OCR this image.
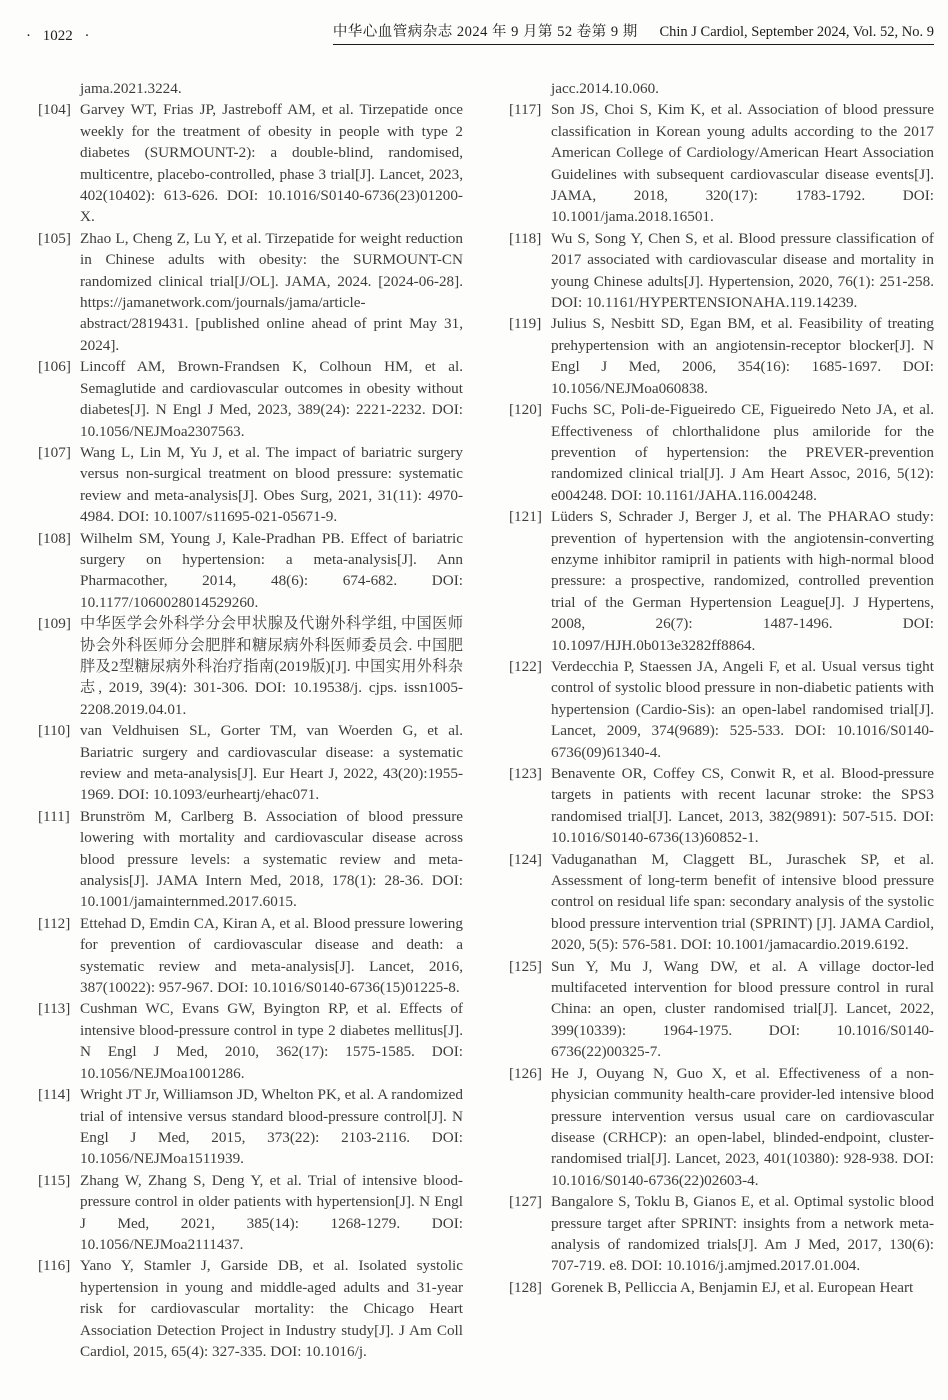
· 1022 ·	中华心血管病杂志 2024 年 9 月第 52 卷第 9 期 Chin J Cardiol, September 2024, Vol. 52, No. 9
jama.2021.3224.
[104] Garvey WT, Frias JP, Jastreboff AM, et al. Tirzepatide once weekly for the treatment of obesity in people with type 2 diabetes (SURMOUNT-2): a double-blind, randomised, multicentre, placebo-controlled, phase 3 trial[J]. Lancet, 2023, 402(10402): 613-626. DOI: 10.1016/S0140-6736(23)01200-X.
[105] Zhao L, Cheng Z, Lu Y, et al. Tirzepatide for weight reduction in Chinese adults with obesity: the SURMOUNT-CN randomized clinical trial[J/OL]. JAMA, 2024. [2024-06-28]. https://jamanetwork.com/journals/jama/article-abstract/2819431. [published online ahead of print May 31, 2024].
[106] Lincoff AM, Brown-Frandsen K, Colhoun HM, et al. Semaglutide and cardiovascular outcomes in obesity without diabetes[J]. N Engl J Med, 2023, 389(24): 2221-2232. DOI: 10.1056/NEJMoa2307563.
[107] Wang L, Lin M, Yu J, et al. The impact of bariatric surgery versus non-surgical treatment on blood pressure: systematic review and meta-analysis[J]. Obes Surg, 2021, 31(11): 4970-4984. DOI: 10.1007/s11695-021-05671-9.
[108] Wilhelm SM, Young J, Kale-Pradhan PB. Effect of bariatric surgery on hypertension: a meta-analysis[J]. Ann Pharmacother, 2014, 48(6): 674-682. DOI: 10.1177/1060028014529260.
[109] 中华医学会外科学分会甲状腺及代谢外科学组, 中国医师协会外科医师分会肥胖和糖尿病外科医师委员会. 中国肥胖及2型糖尿病外科治疗指南(2019版)[J]. 中国实用外科杂志, 2019, 39(4): 301-306. DOI: 10.19538/j. cjps. issn1005-2208.2019.04.01.
[110] van Veldhuisen SL, Gorter TM, van Woerden G, et al. Bariatric surgery and cardiovascular disease: a systematic review and meta-analysis[J]. Eur Heart J, 2022, 43(20):1955-1969. DOI: 10.1093/eurheartj/ehac071.
[111] Brunström M, Carlberg B. Association of blood pressure lowering with mortality and cardiovascular disease across blood pressure levels: a systematic review and meta-analysis[J]. JAMA Intern Med, 2018, 178(1): 28-36. DOI: 10.1001/jamainternmed.2017.6015.
[112] Ettehad D, Emdin CA, Kiran A, et al. Blood pressure lowering for prevention of cardiovascular disease and death: a systematic review and meta-analysis[J]. Lancet, 2016, 387(10022): 957-967. DOI: 10.1016/S0140-6736(15)01225-8.
[113] Cushman WC, Evans GW, Byington RP, et al. Effects of intensive blood-pressure control in type 2 diabetes mellitus[J]. N Engl J Med, 2010, 362(17): 1575-1585. DOI: 10.1056/NEJMoa1001286.
[114] Wright JT Jr, Williamson JD, Whelton PK, et al. A randomized trial of intensive versus standard blood-pressure control[J]. N Engl J Med, 2015, 373(22): 2103-2116. DOI: 10.1056/NEJMoa1511939.
[115] Zhang W, Zhang S, Deng Y, et al. Trial of intensive blood-pressure control in older patients with hypertension[J]. N Engl J Med, 2021, 385(14): 1268-1279. DOI: 10.1056/NEJMoa2111437.
[116] Yano Y, Stamler J, Garside DB, et al. Isolated systolic hypertension in young and middle-aged adults and 31-year risk for cardiovascular mortality: the Chicago Heart Association Detection Project in Industry study[J]. J Am Coll Cardiol, 2015, 65(4): 327-335. DOI: 10.1016/j.
jacc.2014.10.060.
[117] Son JS, Choi S, Kim K, et al. Association of blood pressure classification in Korean young adults according to the 2017 American College of Cardiology/American Heart Association Guidelines with subsequent cardiovascular disease events[J]. JAMA, 2018, 320(17): 1783-1792. DOI: 10.1001/jama.2018.16501.
[118] Wu S, Song Y, Chen S, et al. Blood pressure classification of 2017 associated with cardiovascular disease and mortality in young Chinese adults[J]. Hypertension, 2020, 76(1): 251-258. DOI: 10.1161/HYPERTENSIONAHA.119.14239.
[119] Julius S, Nesbitt SD, Egan BM, et al. Feasibility of treating prehypertension with an angiotensin-receptor blocker[J]. N Engl J Med, 2006, 354(16): 1685-1697. DOI: 10.1056/NEJMoa060838.
[120] Fuchs SC, Poli-de-Figueiredo CE, Figueiredo Neto JA, et al. Effectiveness of chlorthalidone plus amiloride for the prevention of hypertension: the PREVER-prevention randomized clinical trial[J]. J Am Heart Assoc, 2016, 5(12): e004248. DOI: 10.1161/JAHA.116.004248.
[121] Lüders S, Schrader J, Berger J, et al. The PHARAO study: prevention of hypertension with the angiotensin-converting enzyme inhibitor ramipril in patients with high-normal blood pressure: a prospective, randomized, controlled prevention trial of the German Hypertension League[J]. J Hypertens, 2008, 26(7): 1487-1496. DOI: 10.1097/HJH.0b013e3282ff8864.
[122] Verdecchia P, Staessen JA, Angeli F, et al. Usual versus tight control of systolic blood pressure in non-diabetic patients with hypertension (Cardio-Sis): an open-label randomised trial[J]. Lancet, 2009, 374(9689): 525-533. DOI: 10.1016/S0140-6736(09)61340-4.
[123] Benavente OR, Coffey CS, Conwit R, et al. Blood-pressure targets in patients with recent lacunar stroke: the SPS3 randomised trial[J]. Lancet, 2013, 382(9891): 507-515. DOI: 10.1016/S0140-6736(13)60852-1.
[124] Vaduganathan M, Claggett BL, Juraschek SP, et al. Assessment of long-term benefit of intensive blood pressure control on residual life span: secondary analysis of the systolic blood pressure intervention trial (SPRINT) [J]. JAMA Cardiol, 2020, 5(5): 576-581. DOI: 10.1001/jamacardio.2019.6192.
[125] Sun Y, Mu J, Wang DW, et al. A village doctor-led multifaceted intervention for blood pressure control in rural China: an open, cluster randomised trial[J]. Lancet, 2022, 399(10339): 1964-1975. DOI: 10.1016/S0140-6736(22)00325-7.
[126] He J, Ouyang N, Guo X, et al. Effectiveness of a non-physician community health-care provider-led intensive blood pressure intervention versus usual care on cardiovascular disease (CRHCP): an open-label, blinded-endpoint, cluster-randomised trial[J]. Lancet, 2023, 401(10380): 928-938. DOI: 10.1016/S0140-6736(22)02603-4.
[127] Bangalore S, Toklu B, Gianos E, et al. Optimal systolic blood pressure target after SPRINT: insights from a network meta-analysis of randomized trials[J]. Am J Med, 2017, 130(6): 707-719. e8. DOI: 10.1016/j.amjmed.2017.01.004.
[128] Gorenek B, Pelliccia A, Benjamin EJ, et al. European Heart
